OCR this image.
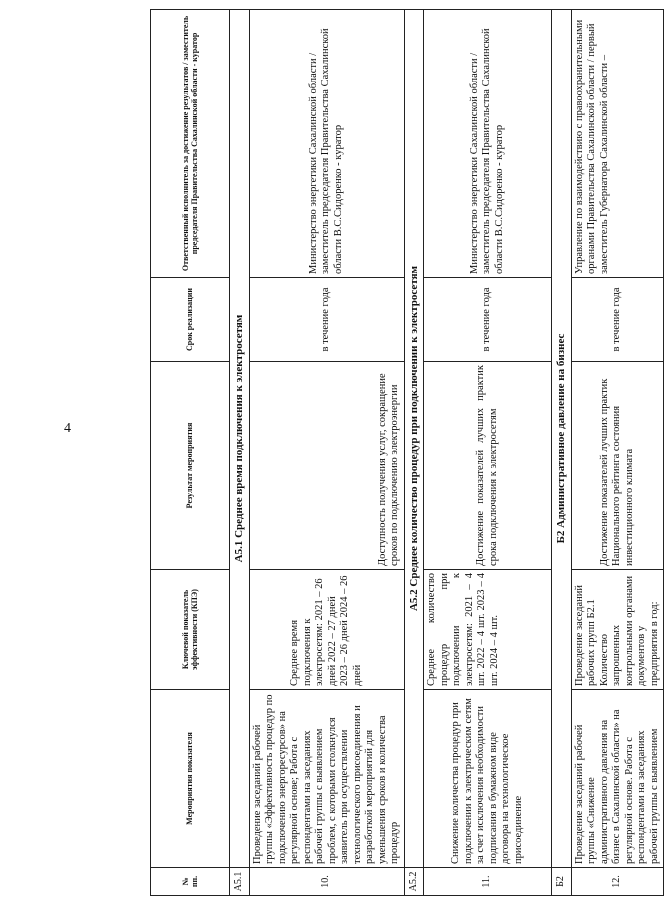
4
№ пп.	Мероприятия показателя	Ключевой показатель эффективности (КПЭ)	Результат мероприятия	Срок реализации	Ответственный исполнитель за достижение результатов / заместитель председателя Правительства Сахалинской области - куратор
А5.1	А5.1 Среднее время подключения к электросетям				
10.	Проведение заседаний рабочей группы «Эффективность процедур по подключению энергоресурсов» на регулярной основе; Работа с респондентами на заседаниях рабочей группы с выявлением проблем, с которыми столкнулся заявитель при осуществлении технологического присоединения и разработкой мероприятий для уменьшения сроков и количества процедур	Среднее время подключения к электросетям: 2021 – 26 дней 2022 – 27 дней 2023 – 26 дней 2024 – 26 дней	Доступность получения услуг, сокращение сроков по подключению электроэнергии	в течение года	Министерство энергетики Сахалинской области / заместитель председателя Правительства Сахалинской области В.С.Сидоренко - куратор
А5.2	А5.2 Среднее количество процедур при подключении к электросетям				
11.	Снижение количества процедур при подключении к электрическим сетям за счет исключения необходимости подписания в бумажном виде договора на технологическое присоединение	Среднее количество процедур при подключении к электросетям: 2021 – 4 шт. 2022 – 4 шт. 2023 – 4 шт. 2024 – 4 шт.	Достижение показателей лучших практик срока подключения к электросетям	в течение года	Министерство энергетики Сахалинской области / заместитель председателя Правительства Сахалинской области В.С.Сидоренко - куратор
Б2	Б2 Административное давление на бизнес				
12.	Проведение заседаний рабочей группы «Снижение административного давления на бизнес в Сахалинской области» на регулярной основе. Работа с респондентами на заседаниях рабочей группы с выявлением	Проведение заседаний рабочих групп Б2.1 Количество запрошенных контрольными органами документов у предприятия в год:	Достижение показателей лучших практик Национального рейтинга состояния инвестиционного климата	в течение года	Управление по взаимодействию с правоохранительными органами Правительства Сахалинской области / первый заместитель Губернатора Сахалинской области –
